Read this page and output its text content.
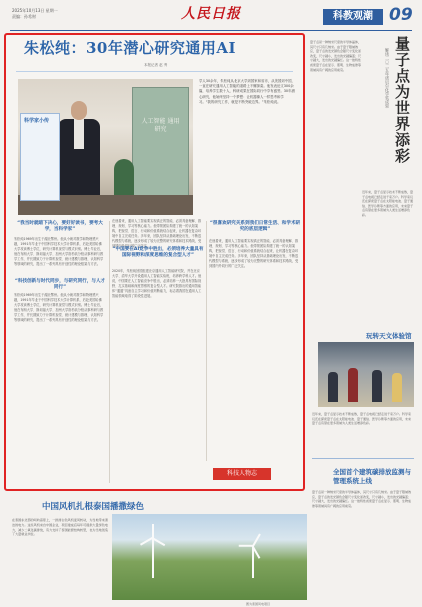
2025年10月13日 星期一
责编：孙希财	人民日报	科教观潮 09
朱松纯：30年潜心研究通用AI
本报记者 赵 秀
人工智能 通用 研究
科学家小传
学人30余年，朱松纯从北京大学到国家和省市，从美国到中国，一直在研究通用人工智能的道路上不懈探索。他发表论文300余篇，培养学生数十人，科研成果在国际同行中享有盛誉。30年潜心研究，他始终坚持一个梦想：让机器像人一样思考和学习。“我的研究工作，就是不断突破边界。”朱松纯说。
“我当时就暗下决心，要好好读书，要考大学，当科学家”
朱松纯1969年出生于湖北鄂州。他从小就对数学和物理感兴趣，1991年毕业于中国科学技术大学计算机系，后赴美国哈佛大学攻读博士学位，研究计算机视觉与模式识别。博士毕业后，他在布朗大学、斯坦福大学、加州大学洛杉矶分校从事科研与教学工作，并长期致力于计算机视觉、统计建模与推理、认知科学等领域的研究，提出了一系列具有开创性的理论框架与方法。
“科技创新与时代同步，与研究同行，与人才同行”
朱松纯1969年出生于湖北鄂州。他从小就对数学和物理感兴趣，1991年毕业于中国科学技术大学计算机系，后赴美国哈佛大学攻读博士学位，研究计算机视觉与模式识别。博士毕业后，他在布朗大学、斯坦福大学、加州大学洛杉矶分校从事科研与教学工作，并长期致力于计算机视觉、统计建模与推理、认知科学等领域的研究，提出了一系列具有开创性的理论框架与方法。
在他看来，通用人工智能要实现真正的智能，必须具备理解、推理、规划、学习等核心能力。他带领团队构建了统一的认知架构，把视觉、语言、行动和价值系统结合起来，让机器在复杂环境中自主完成任务。多年来，团队坚持从基础理论出发，不断迭代模型与系统，逐步形成了较为完整的研究体系和技术路线，受到国内外同行的广泛关注。
“中国要在AI竞争中胜出，必须培养大量具有国际视野和深度思维的复合型人才”
2020年，朱松纯回国组建北京通用人工智能研究院，并在北京大学、清华大学开设通用人工智能实验班，培养跨学科人才。他说，中国要在人工智能竞争中胜出，必须培养一大批具有国际视野、扎实基础和深度思维的复合型人才。研究院推出的通用智能体“通通”具备自主学习和价值判断能力，标志着我国在通用人工智能领域取得了阶段性进展。
“很喜欢研究关系到我们日常生活、和学术研究的底层逻辑”
在他看来，通用人工智能要实现真正的智能，必须具备理解、推理、规划、学习等核心能力。他带领团队构建了统一的认知架构，把视觉、语言、行动和价值系统结合起来，让机器在复杂环境中自主完成任务。多年来，团队坚持从基础理论出发，不断迭代模型与系统，逐步形成了较为完整的研究体系和技术路线，受到国内外同行的广泛关注。
科技人物志
量子点是一种纳米尺度的半导体晶体，其尺寸只有几纳米。由于量子限域效应，量子点的发光颜色会随尺寸变化而改变，尺寸越小，发出的光越偏蓝；尺寸越大，发出的光越偏红。这一独特性质使量子点在显示、照明、生物成像等领域具有广阔的应用前景。	量子点为世界添彩
解读二〇二五年诺贝尔化学奖成果
近年来，量子点显示技术不断成熟，量子点电视已经走进千家万户。科学家们还在探索量子点在太阳能电池、量子通信、医学诊断等方面的应用，未来量子点有望在更多领域为人类生活增添色彩。
玩转天文体验馆
近年来，量子点显示技术不断成熟，量子点电视已经走进千家万户。科学家们还在探索量子点在太阳能电池、量子通信、医学诊断等方面的应用，未来量子点有望在更多领域为人类生活增添色彩。
全国首个建筑碳排放监测与管理系统上线
量子点是一种纳米尺度的半导体晶体，其尺寸只有几纳米。由于量子限域效应，量子点的发光颜色会随尺寸变化而改变，尺寸越小，发出的光越偏蓝；尺寸越大，发出的光越偏红。这一独特性质使量子点在显示、照明、生物成像等领域具有广阔的应用前景。
中国风机扎根泰国播撒绿色
在泰国东北部的呵叻高原上，一排排白色风机迎风转动，为当地带来清洁的电力。这些风机来自中国企业，项目建成后每年可提供大量绿色电力，减少二氧化碳排放，有力支持了泰国能源结构转型，也为当地创造了大量就业岗位。
图为泰国风电项目
